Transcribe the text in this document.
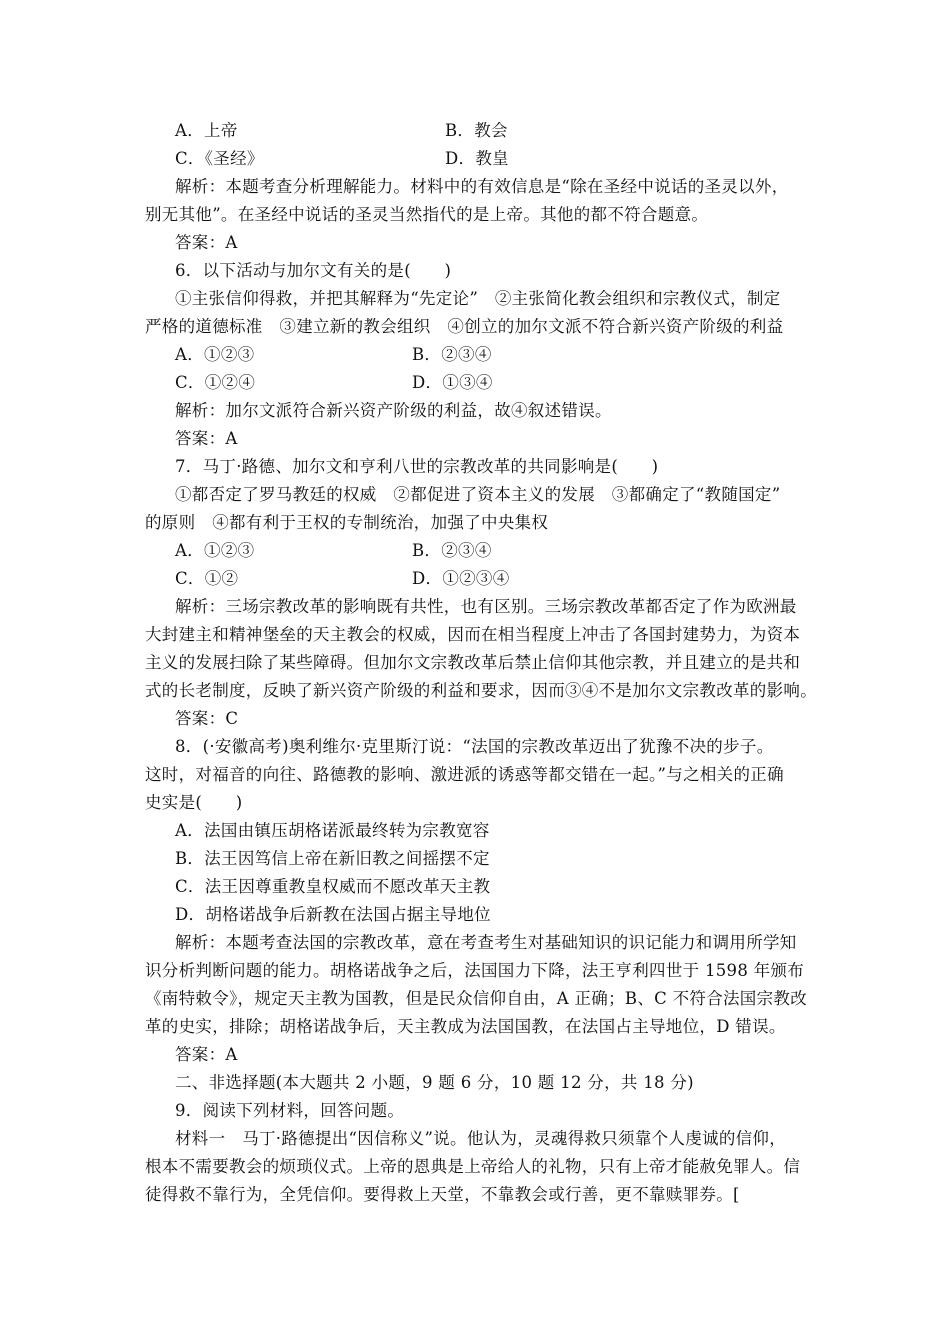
A．上帝	B．教会
C．《圣经》	D．教皇
解析：本题考查分析理解能力。材料中的有效信息是“除在圣经中说话的圣灵以外，
别无其他”。在圣经中说话的圣灵当然指代的是上帝。其他的都不符合题意。
答案：A
6．以下活动与加尔文有关的是(　　)
①主张信仰得救，并把其解释为“先定论”　②主张简化教会组织和宗教仪式，制定
严格的道德标准　③建立新的教会组织　④创立的加尔文派不符合新兴资产阶级的利益
A．①②③	B．②③④
C．①②④	D．①③④
解析：加尔文派符合新兴资产阶级的利益，故④叙述错误。
答案：A
7．马丁·路德、加尔文和亨利八世的宗教改革的共同影响是(　　)
①都否定了罗马教廷的权威　②都促进了资本主义的发展　③都确定了“教随国定”
的原则　④都有利于王权的专制统治，加强了中央集权
A．①②③	B．②③④
C．①②	D．①②③④
解析：三场宗教改革的影响既有共性，也有区别。三场宗教改革都否定了作为欧洲最
大封建主和精神堡垒的天主教会的权威，因而在相当程度上冲击了各国封建势力，为资本
主义的发展扫除了某些障碍。但加尔文宗教改革后禁止信仰其他宗教，并且建立的是共和
式的长老制度，反映了新兴资产阶级的利益和要求，因而③④不是加尔文宗教改革的影响。
答案：C
8．(·安徽高考)奥利维尔·克里斯汀说：“法国的宗教改革迈出了犹豫不决的步子。
这时，对福音的向往、路德教的影响、激进派的诱惑等都交错在一起。”与之相关的正确
史实是(　　)
A．法国由镇压胡格诺派最终转为宗教宽容
B．法王因笃信上帝在新旧教之间摇摆不定
C．法王因尊重教皇权威而不愿改革天主教
D．胡格诺战争后新教在法国占据主导地位
解析：本题考查法国的宗教改革，意在考查考生对基础知识的识记能力和调用所学知
识分析判断问题的能力。胡格诺战争之后，法国国力下降，法王亨利四世于 1598 年颁布
《南特敕令》，规定天主教为国教，但是民众信仰自由，A 正确；B、C 不符合法国宗教改
革的史实，排除；胡格诺战争后，天主教成为法国国教，在法国占主导地位，D 错误。
答案：A
二、非选择题(本大题共 2 小题，9 题 6 分，10 题 12 分，共 18 分)
9．阅读下列材料，回答问题。
材料一　马丁·路德提出“因信称义”说。他认为，灵魂得救只须靠个人虔诚的信仰，
根本不需要教会的烦琐仪式。上帝的恩典是上帝给人的礼物，只有上帝才能赦免罪人。信
徒得救不靠行为，全凭信仰。要得救上天堂，不靠教会或行善，更不靠赎罪券。[
